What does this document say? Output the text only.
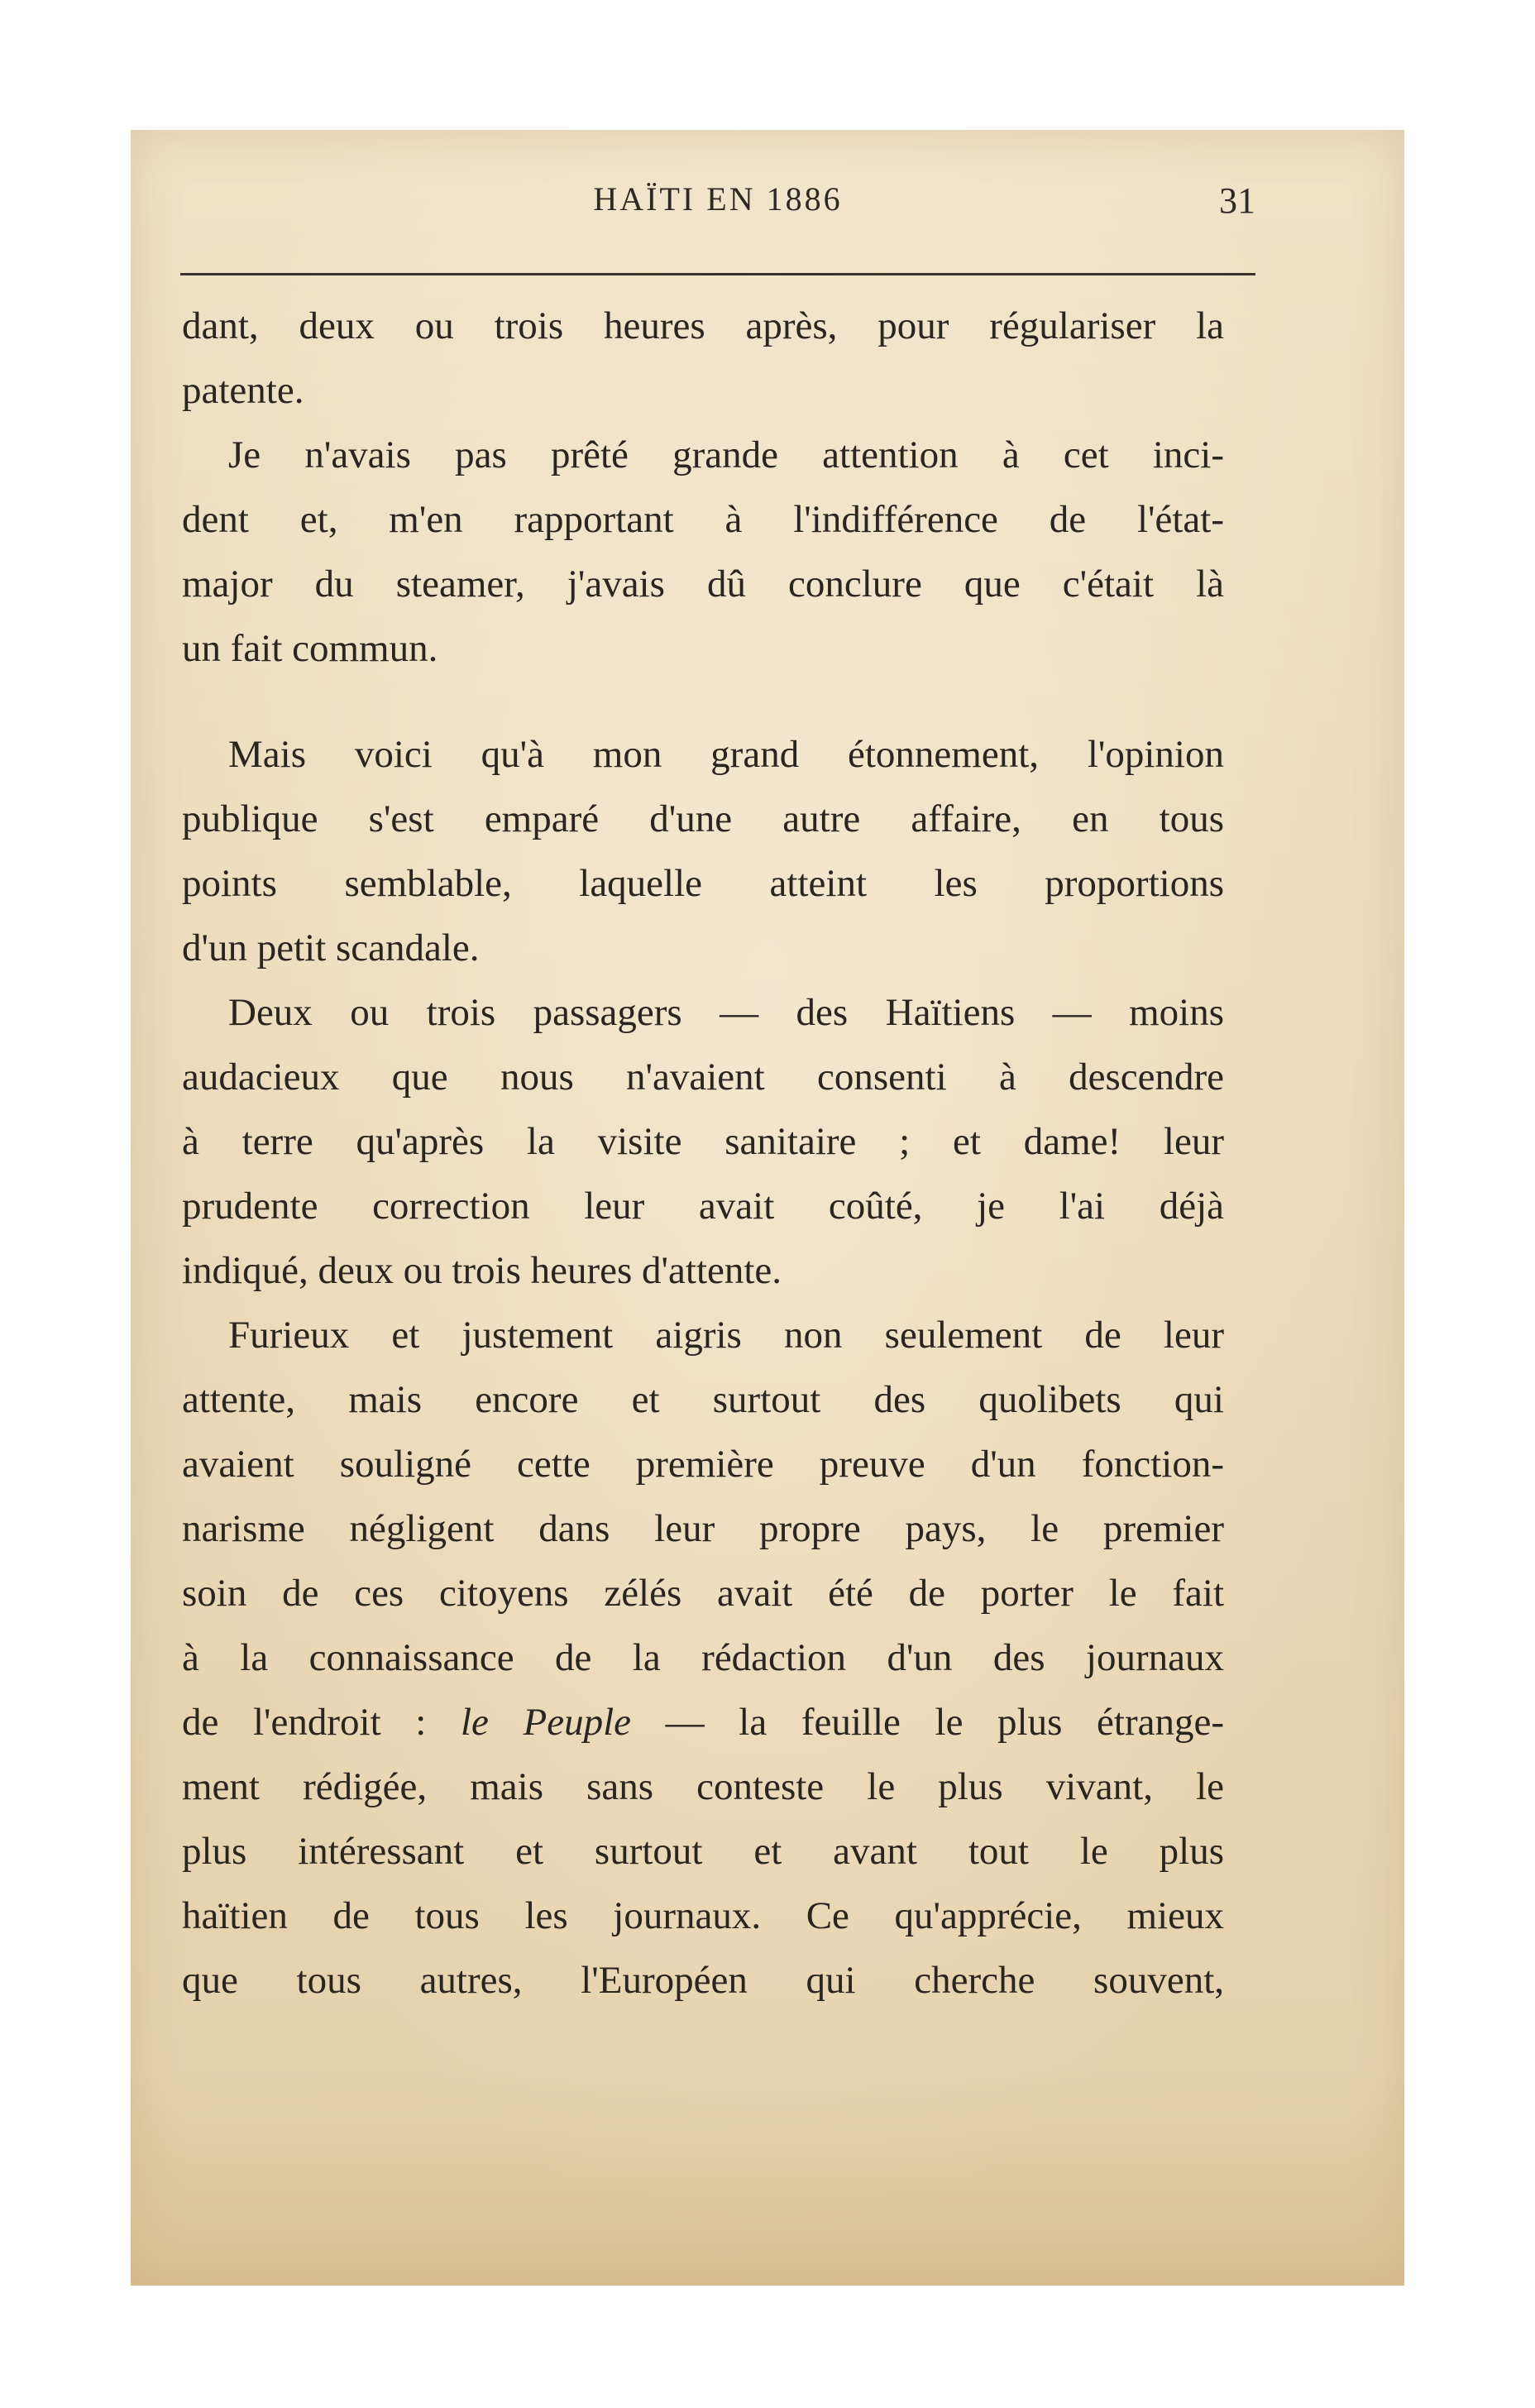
HAÏTI EN 1886	31

dant, deux ou trois heures après, pour régulariser la
patente.

Je n'avais pas prêté grande attention à cet inci-
dent et, m'en rapportant à l'indifférence de l'état-
major du steamer, j'avais dû conclure que c'était là
un fait commun.

Mais voici qu'à mon grand étonnement, l'opinion
publique s'est emparé d'une autre affaire, en tous
points semblable, laquelle atteint les proportions
d'un petit scandale.

Deux ou trois passagers — des Haïtiens — moins
audacieux que nous n'avaient consenti à descendre
à terre qu'après la visite sanitaire ; et dame! leur
prudente correction leur avait coûté, je l'ai déjà
indiqué, deux ou trois heures d'attente.

Furieux et justement aigris non seulement de leur
attente, mais encore et surtout des quolibets qui
avaient souligné cette première preuve d'un fonction-
narisme négligent dans leur propre pays, le premier
soin de ces citoyens zélés avait été de porter le fait
à la connaissance de la rédaction d'un des journaux
de l'endroit : le Peuple — la feuille le plus étrange-
ment rédigée, mais sans conteste le plus vivant, le
plus intéressant et surtout et avant tout le plus
haïtien de tous les journaux. Ce qu'apprécie, mieux
que tous autres, l'Européen qui cherche souvent,
